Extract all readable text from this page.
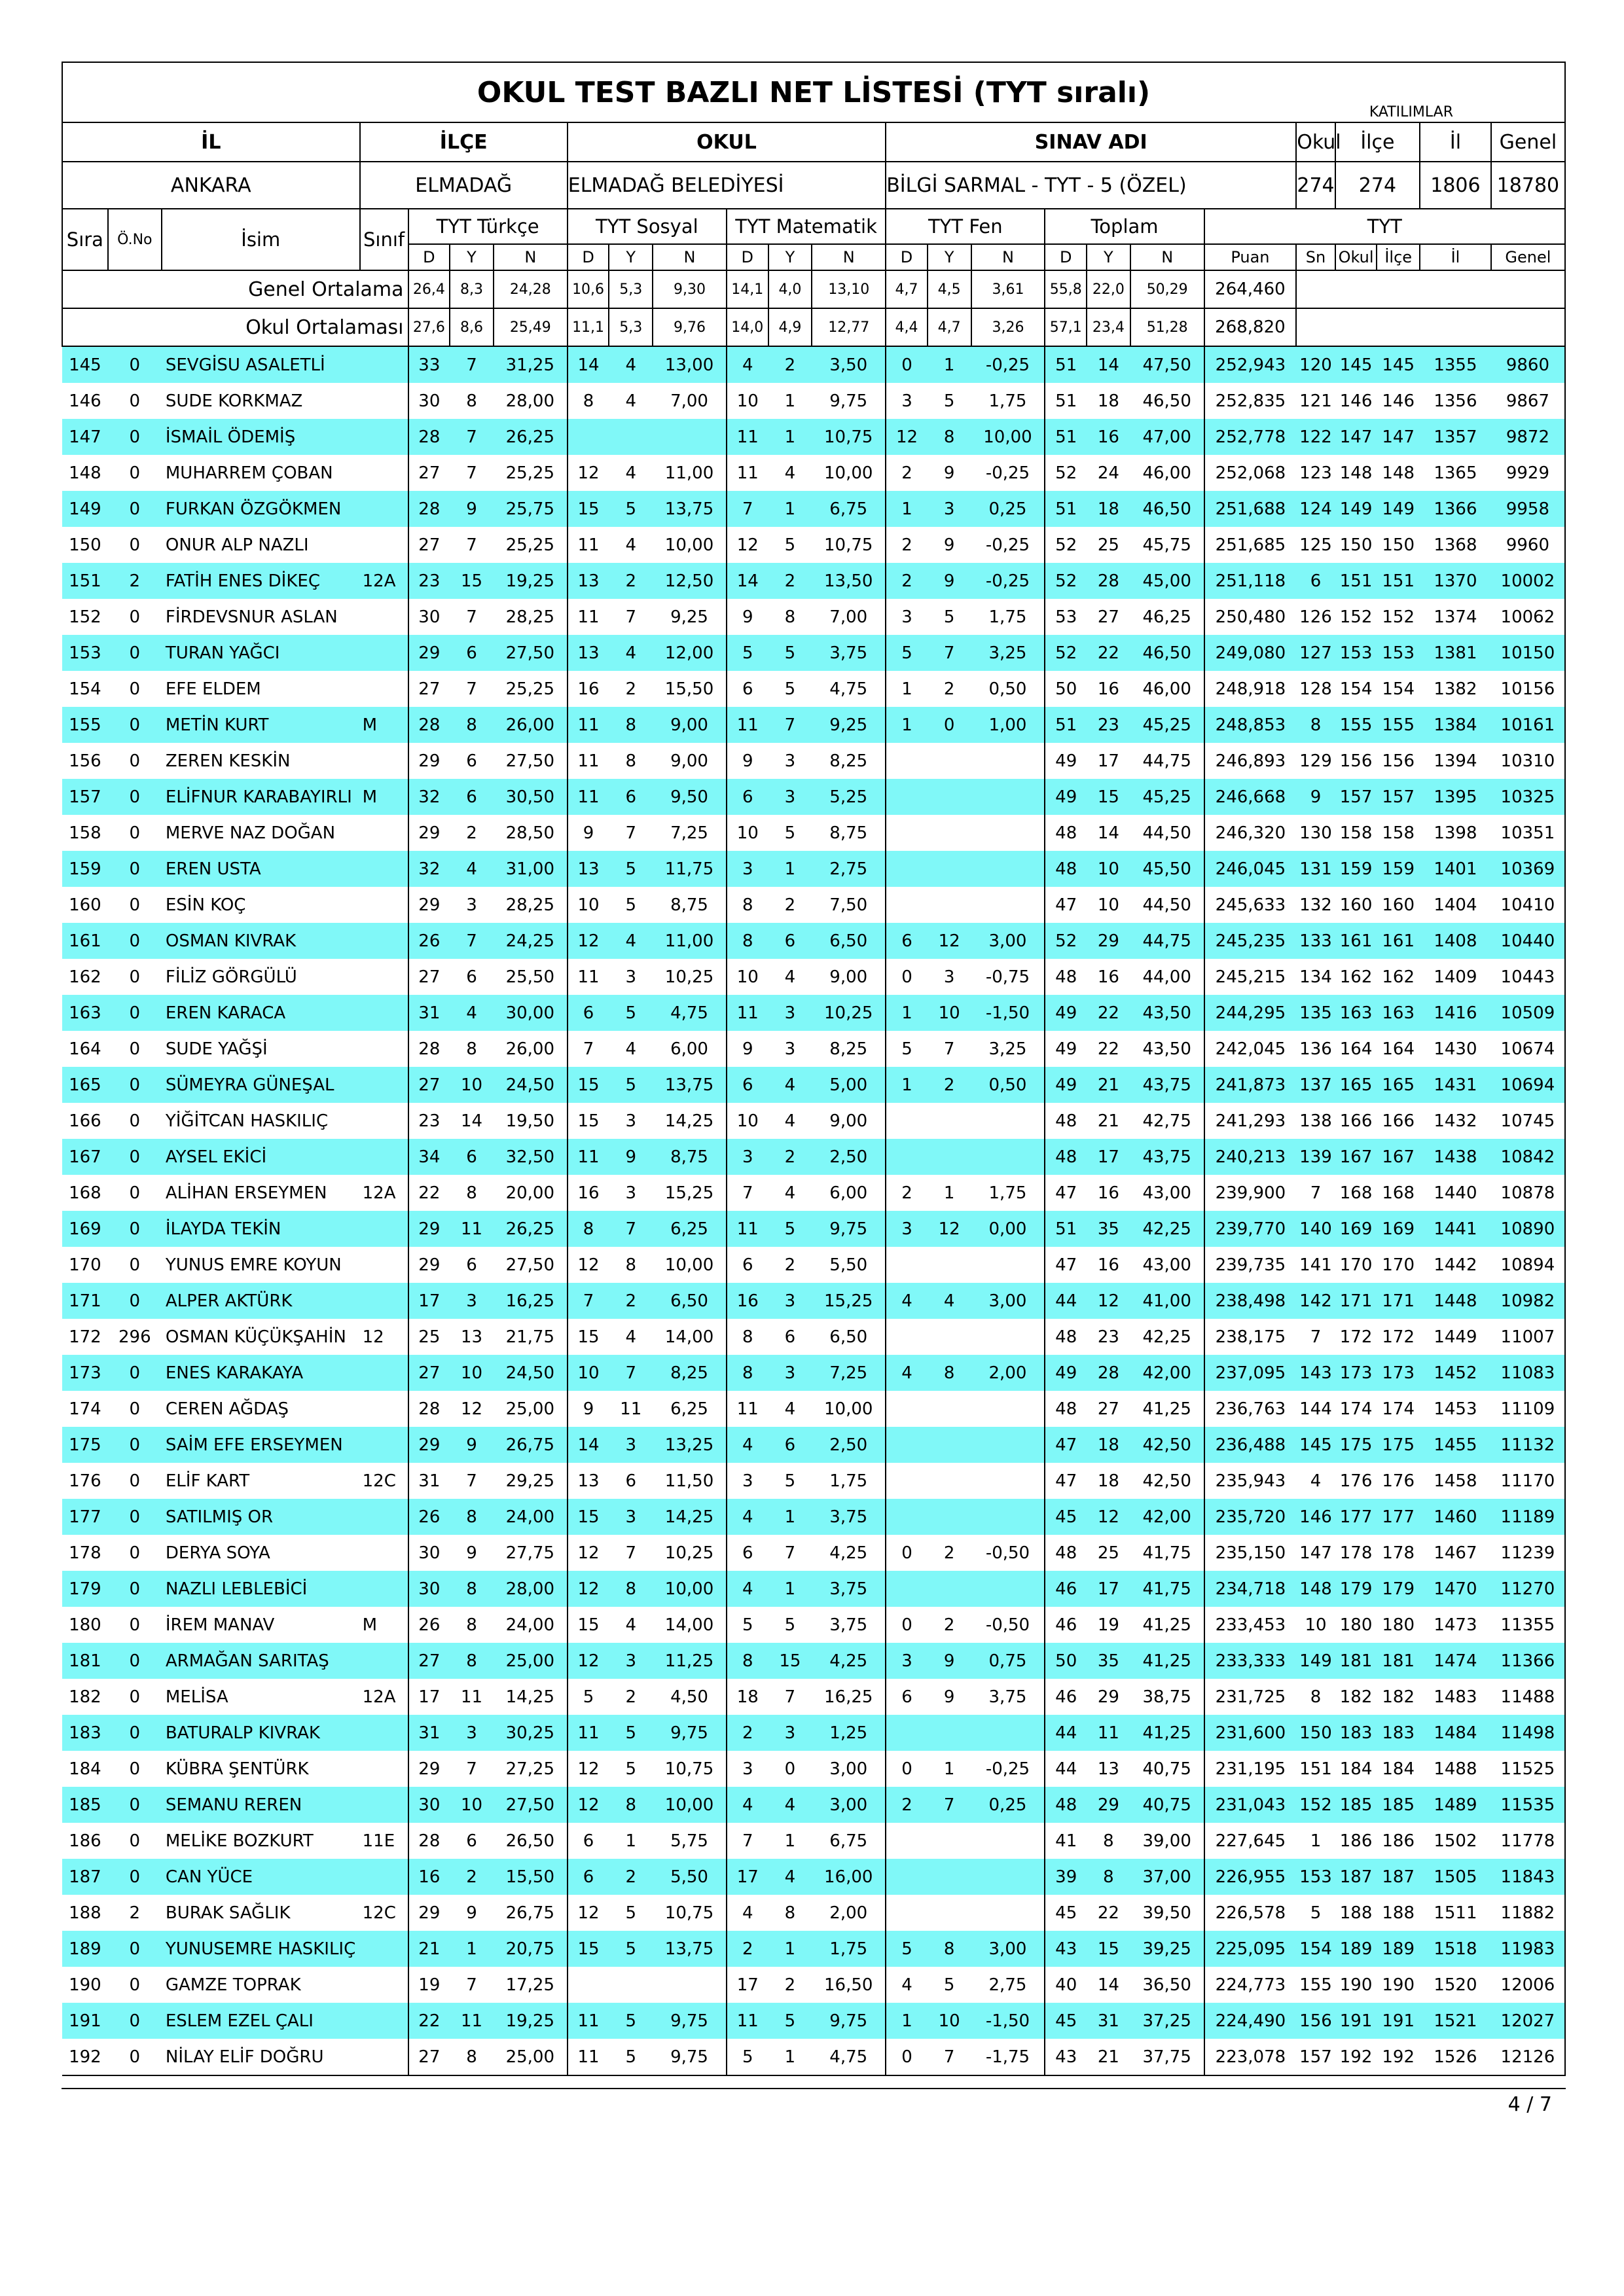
OKUL TEST BAZLI NET LİSTESİ (TYT sıralı)
KATILIMLAR																								

İL			İLÇE				OKUL						SINAV ADI							Okul	İlçe		İl	Genel
ANKARA			ELMADAĞ				ELMADAĞ BELEDİYESİ						BİLGİ SARMAL - TYT - 5 (ÖZEL)							274	274		1806	18780
Sıra	Ö.No	İsim	Sınıf	TYT Türkçe			TYT Sosyal			TYT Matematik			TYT Fen			Toplam			TYT					
				D	Y	N	D	Y	N	D	Y	N	D	Y	N	D	Y	N	Puan	Sn	Okul	İlçe	İl	Genel
Genel Ortalama				26,4	8,3	24,28	10,6	5,3	9,30	14,1	4,0	13,10	4,7	4,5	3,61	55,8	22,0	50,29	264,460					
Okul Ortalaması				27,6	8,6	25,49	11,1	5,3	9,76	14,0	4,9	12,77	4,4	4,7	3,26	57,1	23,4	51,28	268,820					
145	0	SEVGİSU ASALETLİ		33	7	31,25	14	4	13,00	4	2	3,50	0	1	-0,25	51	14	47,50	252,943	120	145	145	1355	9860
146	0	SUDE KORKMAZ		30	8	28,00	8	4	7,00	10	1	9,75	3	5	1,75	51	18	46,50	252,835	121	146	146	1356	9867
147	0	İSMAİL ÖDEMİŞ		28	7	26,25				11	1	10,75	12	8	10,00	51	16	47,00	252,778	122	147	147	1357	9872
148	0	MUHARREM ÇOBAN		27	7	25,25	12	4	11,00	11	4	10,00	2	9	-0,25	52	24	46,00	252,068	123	148	148	1365	9929
149	0	FURKAN ÖZGÖKMEN		28	9	25,75	15	5	13,75	7	1	6,75	1	3	0,25	51	18	46,50	251,688	124	149	149	1366	9958
150	0	ONUR ALP NAZLI		27	7	25,25	11	4	10,00	12	5	10,75	2	9	-0,25	52	25	45,75	251,685	125	150	150	1368	9960
151	2	FATİH ENES DİKEÇ	12A	23	15	19,25	13	2	12,50	14	2	13,50	2	9	-0,25	52	28	45,00	251,118	6	151	151	1370	10002
152	0	FİRDEVSNUR ASLAN		30	7	28,25	11	7	9,25	9	8	7,00	3	5	1,75	53	27	46,25	250,480	126	152	152	1374	10062
153	0	TURAN YAĞCI		29	6	27,50	13	4	12,00	5	5	3,75	5	7	3,25	52	22	46,50	249,080	127	153	153	1381	10150
154	0	EFE ELDEM		27	7	25,25	16	2	15,50	6	5	4,75	1	2	0,50	50	16	46,00	248,918	128	154	154	1382	10156
155	0	METİN KURT	M	28	8	26,00	11	8	9,00	11	7	9,25	1	0	1,00	51	23	45,25	248,853	8	155	155	1384	10161
156	0	ZEREN KESKİN		29	6	27,50	11	8	9,00	9	3	8,25				49	17	44,75	246,893	129	156	156	1394	10310
157	0	ELİFNUR KARABAYIRLI	M	32	6	30,50	11	6	9,50	6	3	5,25				49	15	45,25	246,668	9	157	157	1395	10325
158	0	MERVE NAZ DOĞAN		29	2	28,50	9	7	7,25	10	5	8,75				48	14	44,50	246,320	130	158	158	1398	10351
159	0	EREN USTA		32	4	31,00	13	5	11,75	3	1	2,75				48	10	45,50	246,045	131	159	159	1401	10369
160	0	ESİN KOÇ		29	3	28,25	10	5	8,75	8	2	7,50				47	10	44,50	245,633	132	160	160	1404	10410
161	0	OSMAN KIVRAK		26	7	24,25	12	4	11,00	8	6	6,50	6	12	3,00	52	29	44,75	245,235	133	161	161	1408	10440
162	0	FİLİZ GÖRGÜLÜ		27	6	25,50	11	3	10,25	10	4	9,00	0	3	-0,75	48	16	44,00	245,215	134	162	162	1409	10443
163	0	EREN KARACA		31	4	30,00	6	5	4,75	11	3	10,25	1	10	-1,50	49	22	43,50	244,295	135	163	163	1416	10509
164	0	SUDE YAĞŞİ		28	8	26,00	7	4	6,00	9	3	8,25	5	7	3,25	49	22	43,50	242,045	136	164	164	1430	10674
165	0	SÜMEYRA GÜNEŞAL		27	10	24,50	15	5	13,75	6	4	5,00	1	2	0,50	49	21	43,75	241,873	137	165	165	1431	10694
166	0	YİĞİTCAN HASKILIÇ		23	14	19,50	15	3	14,25	10	4	9,00				48	21	42,75	241,293	138	166	166	1432	10745
167	0	AYSEL EKİCİ		34	6	32,50	11	9	8,75	3	2	2,50				48	17	43,75	240,213	139	167	167	1438	10842
168	0	ALİHAN ERSEYMEN	12A	22	8	20,00	16	3	15,25	7	4	6,00	2	1	1,75	47	16	43,00	239,900	7	168	168	1440	10878
169	0	İLAYDA TEKİN		29	11	26,25	8	7	6,25	11	5	9,75	3	12	0,00	51	35	42,25	239,770	140	169	169	1441	10890
170	0	YUNUS EMRE KOYUN		29	6	27,50	12	8	10,00	6	2	5,50				47	16	43,00	239,735	141	170	170	1442	10894
171	0	ALPER AKTÜRK		17	3	16,25	7	2	6,50	16	3	15,25	4	4	3,00	44	12	41,00	238,498	142	171	171	1448	10982
172	296	OSMAN KÜÇÜKŞAHİN	12	25	13	21,75	15	4	14,00	8	6	6,50				48	23	42,25	238,175	7	172	172	1449	11007
173	0	ENES KARAKAYA		27	10	24,50	10	7	8,25	8	3	7,25	4	8	2,00	49	28	42,00	237,095	143	173	173	1452	11083
174	0	CEREN AĞDAŞ		28	12	25,00	9	11	6,25	11	4	10,00				48	27	41,25	236,763	144	174	174	1453	11109
175	0	SAİM EFE ERSEYMEN		29	9	26,75	14	3	13,25	4	6	2,50				47	18	42,50	236,488	145	175	175	1455	11132
176	0	ELİF KART	12C	31	7	29,25	13	6	11,50	3	5	1,75				47	18	42,50	235,943	4	176	176	1458	11170
177	0	SATILMIŞ OR		26	8	24,00	15	3	14,25	4	1	3,75				45	12	42,00	235,720	146	177	177	1460	11189
178	0	DERYA SOYA		30	9	27,75	12	7	10,25	6	7	4,25	0	2	-0,50	48	25	41,75	235,150	147	178	178	1467	11239
179	0	NAZLI LEBLEBİCİ		30	8	28,00	12	8	10,00	4	1	3,75				46	17	41,75	234,718	148	179	179	1470	11270
180	0	İREM MANAV	M	26	8	24,00	15	4	14,00	5	5	3,75	0	2	-0,50	46	19	41,25	233,453	10	180	180	1473	11355
181	0	ARMAĞAN SARITAŞ		27	8	25,00	12	3	11,25	8	15	4,25	3	9	0,75	50	35	41,25	233,333	149	181	181	1474	11366
182	0	MELİSA	12A	17	11	14,25	5	2	4,50	18	7	16,25	6	9	3,75	46	29	38,75	231,725	8	182	182	1483	11488
183	0	BATURALP KIVRAK		31	3	30,25	11	5	9,75	2	3	1,25				44	11	41,25	231,600	150	183	183	1484	11498
184	0	KÜBRA ŞENTÜRK		29	7	27,25	12	5	10,75	3	0	3,00	0	1	-0,25	44	13	40,75	231,195	151	184	184	1488	11525
185	0	SEMANU REREN		30	10	27,50	12	8	10,00	4	4	3,00	2	7	0,25	48	29	40,75	231,043	152	185	185	1489	11535
186	0	MELİKE BOZKURT	11E	28	6	26,50	6	1	5,75	7	1	6,75				41	8	39,00	227,645	1	186	186	1502	11778
187	0	CAN YÜCE		16	2	15,50	6	2	5,50	17	4	16,00				39	8	37,00	226,955	153	187	187	1505	11843
188	2	BURAK SAĞLIK	12C	29	9	26,75	12	5	10,75	4	8	2,00				45	22	39,50	226,578	5	188	188	1511	11882
189	0	YUNUSEMRE HASKILIÇ		21	1	20,75	15	5	13,75	2	1	1,75	5	8	3,00	43	15	39,25	225,095	154	189	189	1518	11983
190	0	GAMZE TOPRAK		19	7	17,25				17	2	16,50	4	5	2,75	40	14	36,50	224,773	155	190	190	1520	12006
191	0	ESLEM EZEL ÇALI		22	11	19,25	11	5	9,75	11	5	9,75	1	10	-1,50	45	31	37,25	224,490	156	191	191	1521	12027
192	0	NİLAY ELİF DOĞRU		27	8	25,00	11	5	9,75	5	1	4,75	0	7	-1,75	43	21	37,75	223,078	157	192	192	1526	12126
4 / 7
